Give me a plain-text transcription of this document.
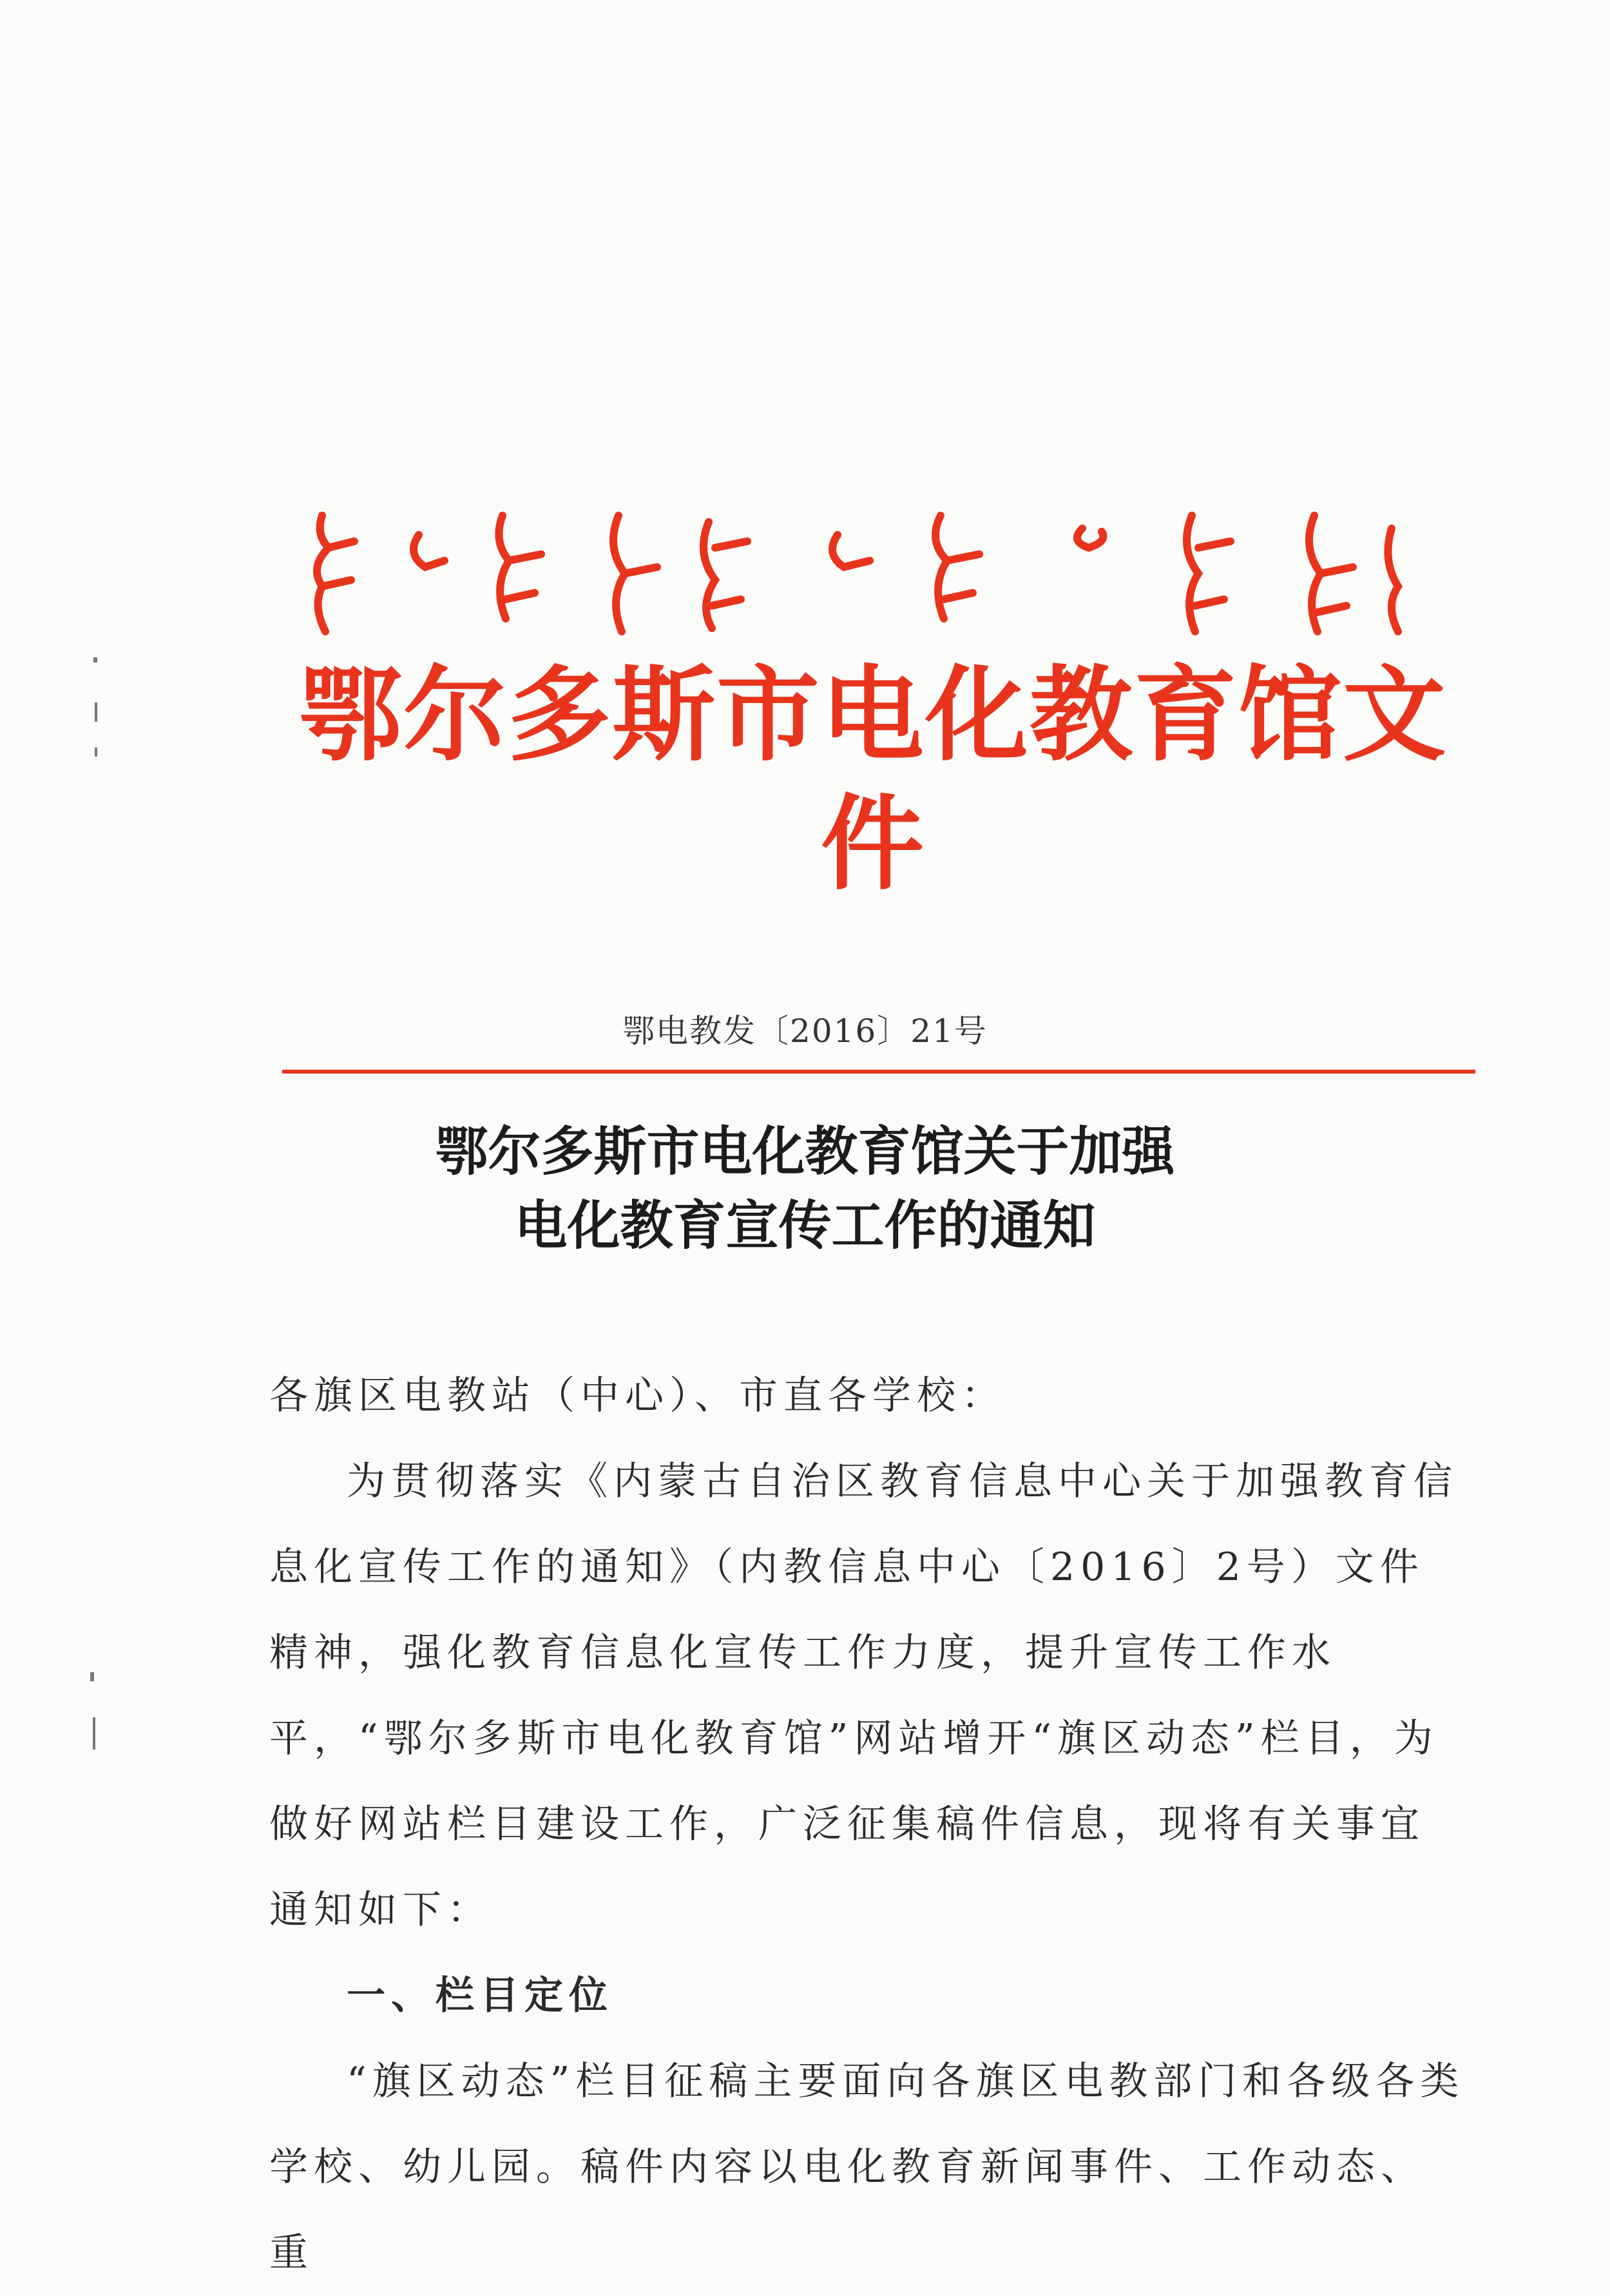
鄂尔多斯市电化教育馆文件
鄂电教发〔2016〕21号
鄂尔多斯市电化教育馆关于加强
电化教育宣传工作的通知

各旗区电教站（中心）、市直各学校：

为贯彻落实《内蒙古自治区教育信息中心关于加强教育信息化宣传工作的通知》（内教信息中心〔2016〕2号）文件精神，强化教育信息化宣传工作力度，提升宣传工作水平，“鄂尔多斯市电化教育馆”网站增开“旗区动态”栏目，为做好网站栏目建设工作，广泛征集稿件信息，现将有关事宜通知如下：

一、栏目定位

“旗区动态”栏目征稿主要面向各旗区电教部门和各级各类学校、幼儿园。稿件内容以电化教育新闻事件、工作动态、重
